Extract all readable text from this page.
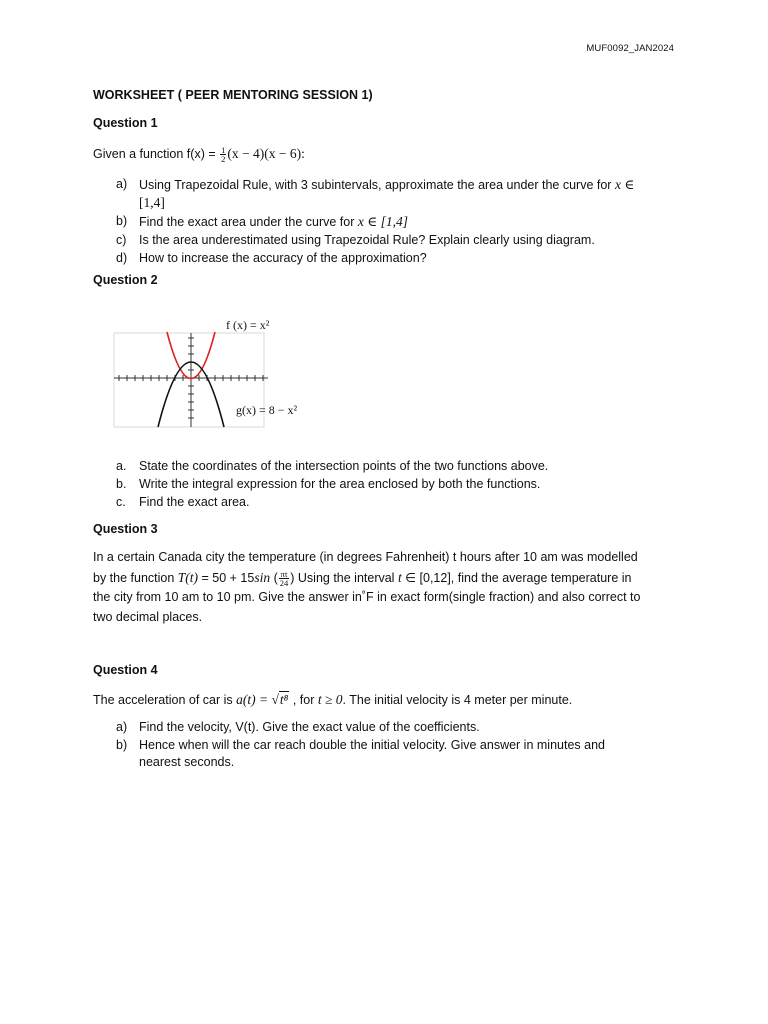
MUF0092_JAN2024
WORKSHEET ( PEER MENTORING SESSION 1)
Question 1
Given a function $f(x) = \frac{1}{2} (x - 4)(x - 6)$:
a) Using Trapezoidal Rule, with 3 subintervals, approximate the area under the curve for x ∈
[1,4]
b) Find the exact area under the curve for x ∈ [1,4]
c) Is the area underestimated using Trapezoidal Rule? Explain clearly using diagram.
d) How to increase the accuracy of the approximation?
Question 2
f (x) = x²
g(x) = 8 − x²
a. State the coordinates of the intersection points of the two functions above.
b. Write the integral expression for the area enclosed by both the functions.
c. Find the exact area.
Question 3
In a certain Canada city the temperature (in degrees Fahrenheit) t hours after 10 am was modelled
by the function T(t) = 50 + 15sin ( $\frac{\pi t}{24}$ ) Using the interval t ∈ [0,12], find the average temperature in
the city from 10 am to 10 pm. Give the answer in˚F in exact form(single fraction) and also correct to
two decimal places.
Question 4
The acceleration of car is a(t) = √t⁸ , for t ≥ 0. The initial velocity is 4 meter per minute.
a) Find the velocity, V(t). Give the exact value of the coefficients.
b) Hence when will the car reach double the initial velocity. Give answer in minutes and
nearest seconds.
